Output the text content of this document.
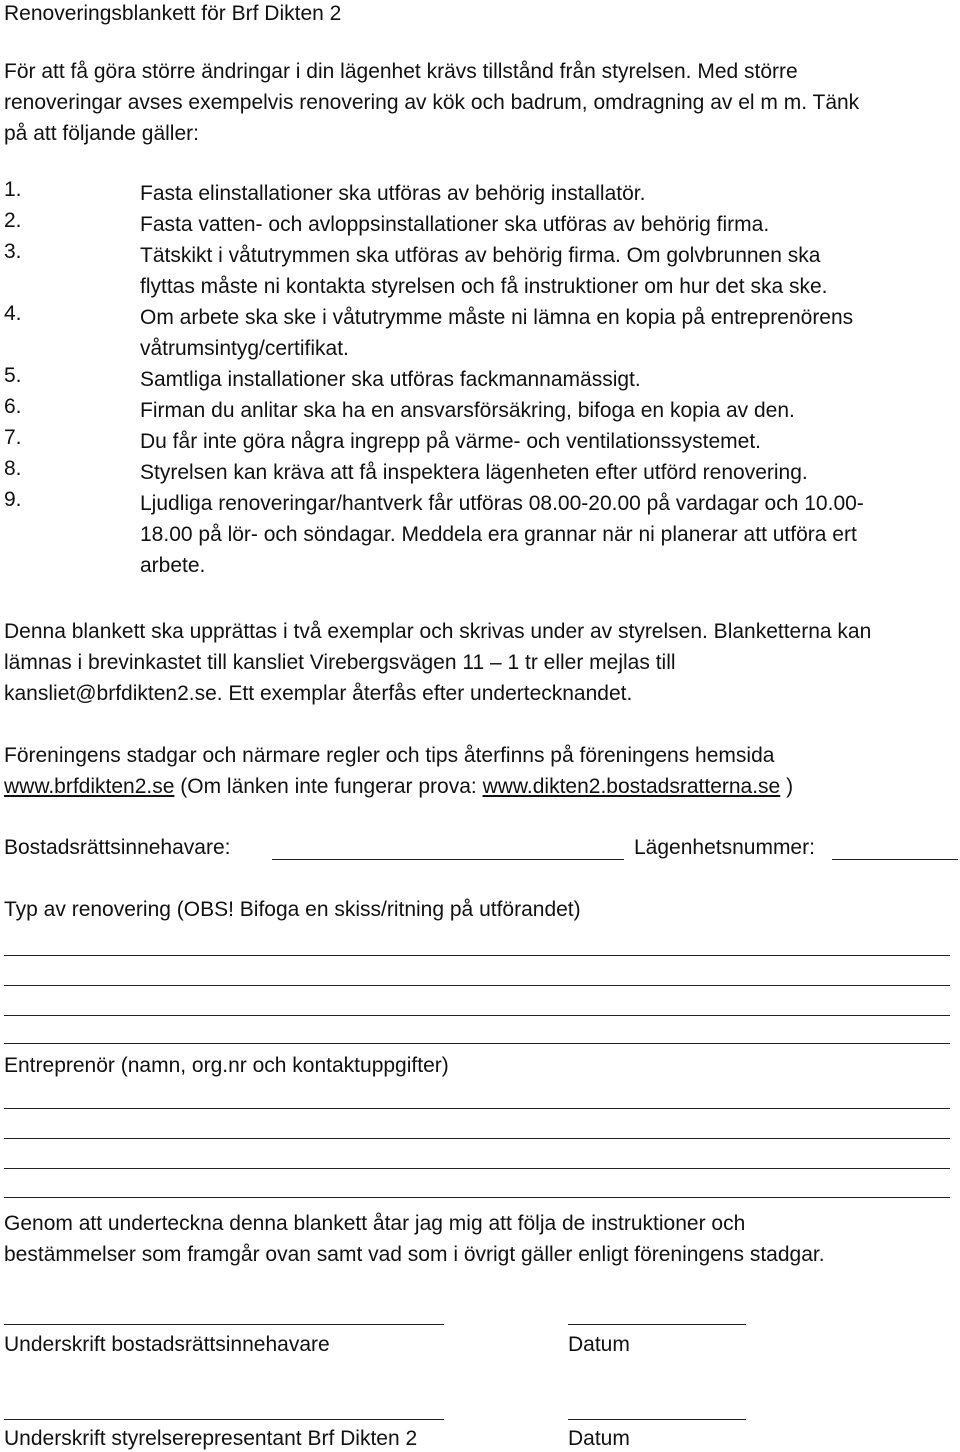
Renoveringsblankett för Brf Dikten 2
För att få göra större ändringar i din lägenhet krävs tillstånd från styrelsen. Med större
renoveringar avses exempelvis renovering av kök och badrum, omdragning av el m m. Tänk
på att följande gäller:
1.	Fasta elinstallationer ska utföras av behörig installatör.
2.	Fasta vatten- och avloppsinstallationer ska utföras av behörig firma.
3.	Tätskikt i våtutrymmen ska utföras av behörig firma. Om golvbrunnen ska
flyttas måste ni kontakta styrelsen och få instruktioner om hur det ska ske.
4.	Om arbete ska ske i våtutrymme måste ni lämna en kopia på entreprenörens
våtrumsintyg/certifikat.
5.	Samtliga installationer ska utföras fackmannamässigt.
6.	Firman du anlitar ska ha en ansvarsförsäkring, bifoga en kopia av den.
7.	Du får inte göra några ingrepp på värme- och ventilationssystemet.
8.	Styrelsen kan kräva att få inspektera lägenheten efter utförd renovering.
9.	Ljudliga renoveringar/hantverk får utföras 08.00-20.00 på vardagar och 10.00-
18.00 på lör- och söndagar. Meddela era grannar när ni planerar att utföra ert
arbete.
Denna blankett ska upprättas i två exemplar och skrivas under av styrelsen. Blanketterna kan
lämnas i brevinkastet till kansliet Virebergsvägen 11 – 1 tr eller mejlas till
kansliet@brfdikten2.se. Ett exemplar återfås efter undertecknandet.
Föreningens stadgar och närmare regler och tips återfinns på föreningens hemsida
www.brfdikten2.se (Om länken inte fungerar prova: www.dikten2.bostadsratterna.se )
Bostadsrättsinnehavare:	Lägenhetsnummer:
Typ av renovering (OBS! Bifoga en skiss/ritning på utförandet)
Entreprenör (namn, org.nr och kontaktuppgifter)
Genom att underteckna denna blankett åtar jag mig att följa de instruktioner och
bestämmelser som framgår ovan samt vad som i övrigt gäller enligt föreningens stadgar.
Underskrift bostadsrättsinnehavare	Datum
Underskrift styrelserepresentant Brf Dikten 2	Datum
